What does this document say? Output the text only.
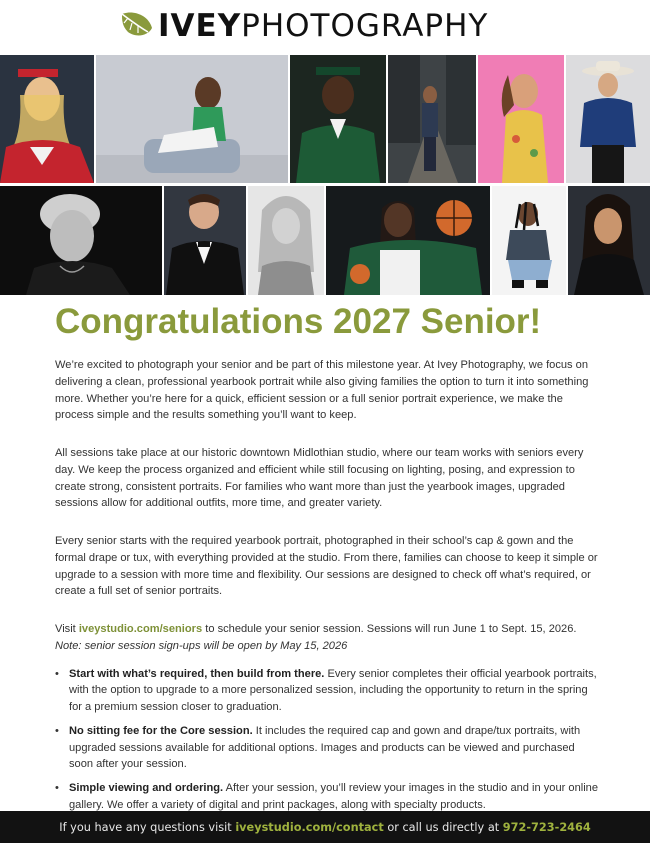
IVEYPHOTOGRAPHY
Congratulations 2027 Senior!

We’re excited to photograph your senior and be part of this milestone year. At Ivey Photography, we focus on delivering a clean, professional yearbook portrait while also giving families the option to turn it into something more. Whether you’re here for a quick, efficient session or a full senior portrait experience, we make the process simple and the results something you’ll want to keep.

All sessions take place at our historic downtown Midlothian studio, where our team works with seniors every day. We keep the process organized and efficient while still focusing on lighting, posing, and expression to create strong, consistent portraits. For families who want more than just the yearbook images, upgraded sessions allow for additional outfits, more time, and greater variety.

Every senior starts with the required yearbook portrait, photographed in their school’s cap & gown and the formal drape or tux, with everything provided at the studio. From there, families can choose to keep it simple or upgrade to a session with more time and flexibility. Our sessions are designed to check off what’s required, or create a full set of senior portraits.

Visit iveystudio.com/seniors to schedule your senior session. Sessions will run June 1 to Sept. 15, 2026.
Note: senior session sign-ups will be open by May 15, 2026

• Start with what’s required, then build from there. Every senior completes their official yearbook portraits, with the option to upgrade to a more personalized session, including the opportunity to return in the spring for a premium session closer to graduation.
• No sitting fee for the Core session. It includes the required cap and gown and drape/tux portraits, with upgraded sessions available for additional options. Images and products can be viewed and purchased soon after your session.
• Simple viewing and ordering. After your session, you’ll review your images in the studio and in your online gallery. We offer a variety of digital and print packages, along with specialty products.
If you have any questions visit
iveystudio.com/contact
or call us directly at
972-723-2464
